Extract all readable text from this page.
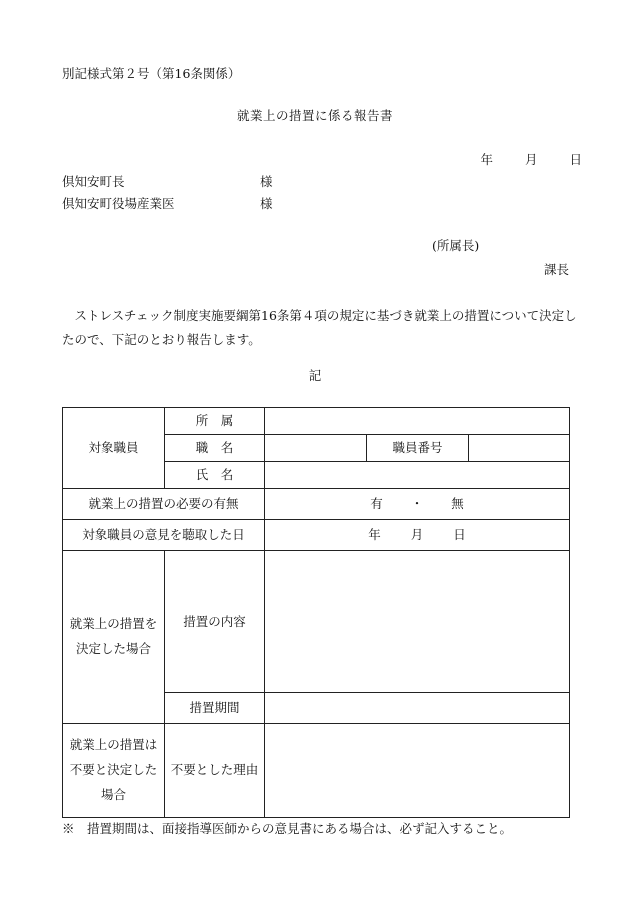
別記様式第２号（第16条関係）
就業上の措置に係る報告書
年	月	日
倶知安町長	様
倶知安町役場産業医	様
(所属長)
課長
ストレスチェック制度実施要綱第16条第４項の規定に基づき就業上の措置について決定したので、下記のとおり報告します。
記
対象職員	所　属			
	職　名		職員番号	
	氏　名			
就業上の措置の必要の有無		有 ・ 無		
対象職員の意見を聴取した日		年 月 日		

就業上の措置を
決定した場合	措置の内容			
	措置期間			

就業上の措置は
不要と決定した
場合	不要とした理由			
※　措置期間は、面接指導医師からの意見書にある場合は、必ず記入すること。
